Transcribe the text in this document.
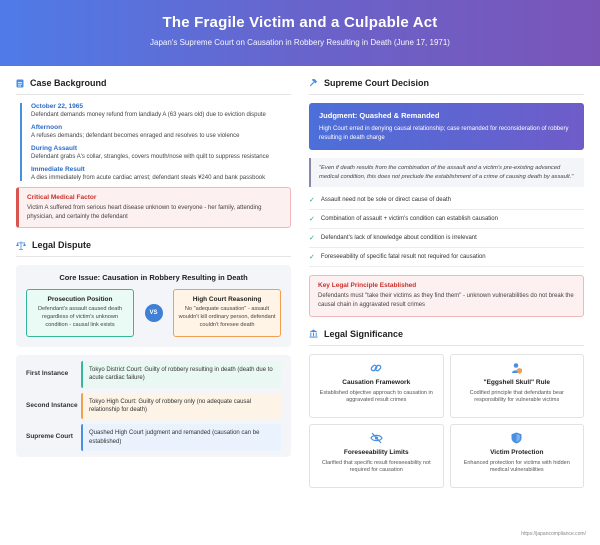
The Fragile Victim and a Culpable Act
Japan's Supreme Court on Causation in Robbery Resulting in Death (June 17, 1971)
Case Background
October 22, 1965
Defendant demands money refund from landlady A (63 years old) due to eviction dispute
Afternoon
A refuses demands; defendant becomes enraged and resolves to use violence
During Assault
Defendant grabs A's collar, strangles, covers mouth/nose with quilt to suppress resistance
Immediate Result
A dies immediately from acute cardiac arrest; defendant steals ¥240 and bank passbook
Critical Medical Factor
Victim A suffered from serious heart disease unknown to everyone - her family, attending physician, and certainly the defendant
Legal Dispute
Core Issue: Causation in Robbery Resulting in Death
Prosecution Position
Defendant's assault caused death regardless of victim's unknown condition - causal link exists
VS
High Court Reasoning
No "adequate causation" - assault wouldn't kill ordinary person, defendant couldn't foresee death
First Instance	Tokyo District Court: Guilty of robbery resulting in death (death due to acute cardiac failure)
Second Instance	Tokyo High Court: Guilty of robbery only (no adequate causal relationship for death)
Supreme Court	Quashed High Court judgment and remanded (causation can be established)
Supreme Court Decision
Judgment: Quashed & Remanded
High Court erred in denying causal relationship; case remanded for reconsideration of robbery resulting in death charge
"Even if death results from the combination of the assault and a victim's pre-existing advanced medical condition, this does not preclude the establishment of a crime of causing death by assault."
✓ Assault need not be sole or direct cause of death
✓ Combination of assault + victim's condition can establish causation
✓ Defendant's lack of knowledge about condition is irrelevant
✓ Foreseeability of specific fatal result not required for causation
Key Legal Principle Established
Defendants must "take their victims as they find them" - unknown vulnerabilities do not break the causal chain in aggravated result crimes
Legal Significance
Causation Framework
Established objective approach to causation in aggravated result crimes
"Eggshell Skull" Rule
Codified principle that defendants bear responsibility for vulnerable victims
Foreseeability Limits
Clarified that specific result foreseeability not required for causation
Victim Protection
Enhanced protection for victims with hidden medical vulnerabilities
https://japancompliance.com/
